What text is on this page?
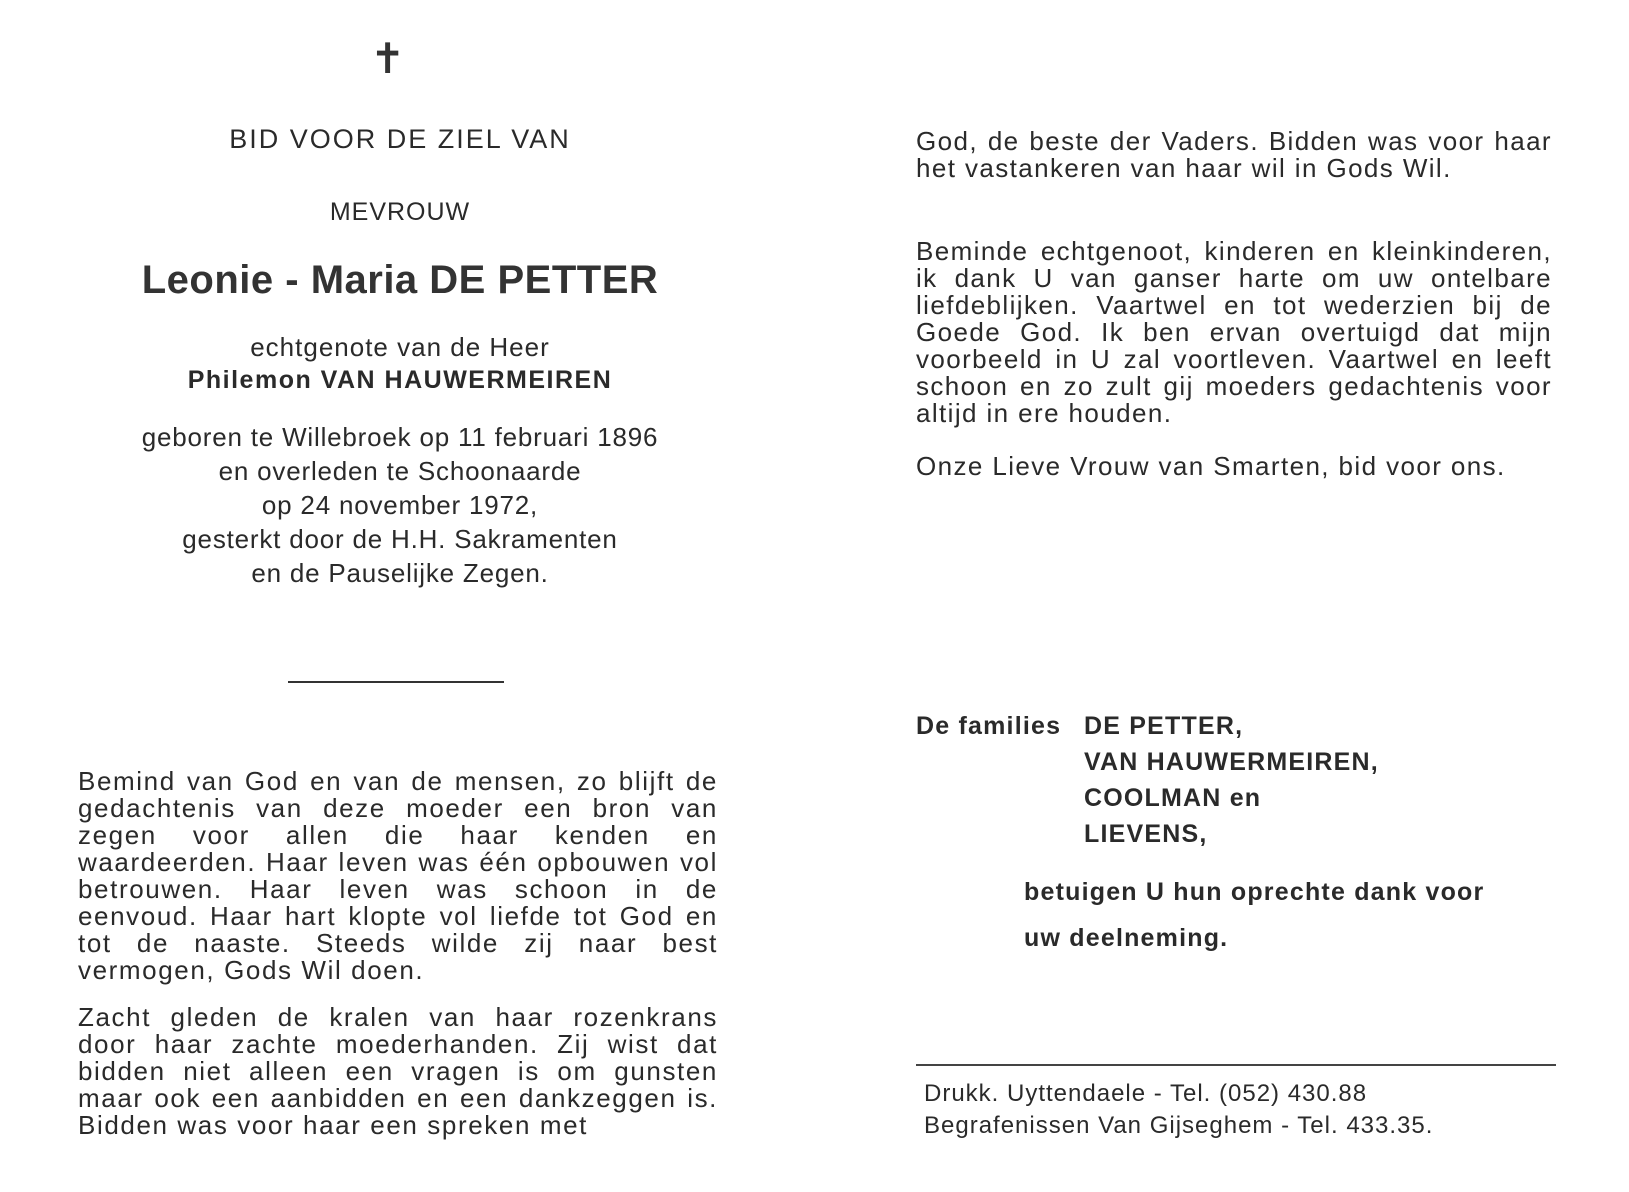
✝
BID VOOR DE ZIEL VAN
MEVROUW
Leonie - Maria DE PETTER
echtgenote van de Heer
Philemon VAN HAUWERMEIREN
geboren te Willebroek op 11 februari 1896
en overleden te Schoonaarde
op 24 november 1972,
gesterkt door de H.H. Sakramenten
en de Pauselijke Zegen.

Bemind van God en van de mensen, zo blijft de gedachtenis van deze moeder een bron van zegen voor allen die haar kenden en waardeerden. Haar leven was één opbouwen vol betrouwen. Haar leven was schoon in de eenvoud. Haar hart klopte vol liefde tot God en tot de naaste. Steeds wilde zij naar best vermogen, Gods Wil doen.

Zacht gleden de kralen van haar rozenkrans door haar zachte moederhanden. Zij wist dat bidden niet alleen een vragen is om gunsten maar ook een aanbidden en een dankzeggen is. Bidden was voor haar een spreken met

God, de beste der Vaders. Bidden was voor haar het vastankeren van haar wil in Gods Wil.

Beminde echtgenoot, kinderen en kleinkinderen, ik dank U van ganser harte om uw ontelbare liefdeblijken. Vaartwel en tot wederzien bij de Goede God. Ik ben ervan overtuigd dat mijn voorbeeld in U zal voortleven. Vaartwel en leeft schoon en zo zult gij moeders gedachtenis voor altijd in ere houden.

Onze Lieve Vrouw van Smarten, bid voor ons.

De families DE PETTER,
VAN HAUWERMEIREN,
COOLMAN en
LIEVENS,
betuigen U hun oprechte dank voor
uw deelneming.
Drukk. Uyttendaele - Tel. (052) 430.88
Begrafenissen Van Gijseghem - Tel. 433.35.
